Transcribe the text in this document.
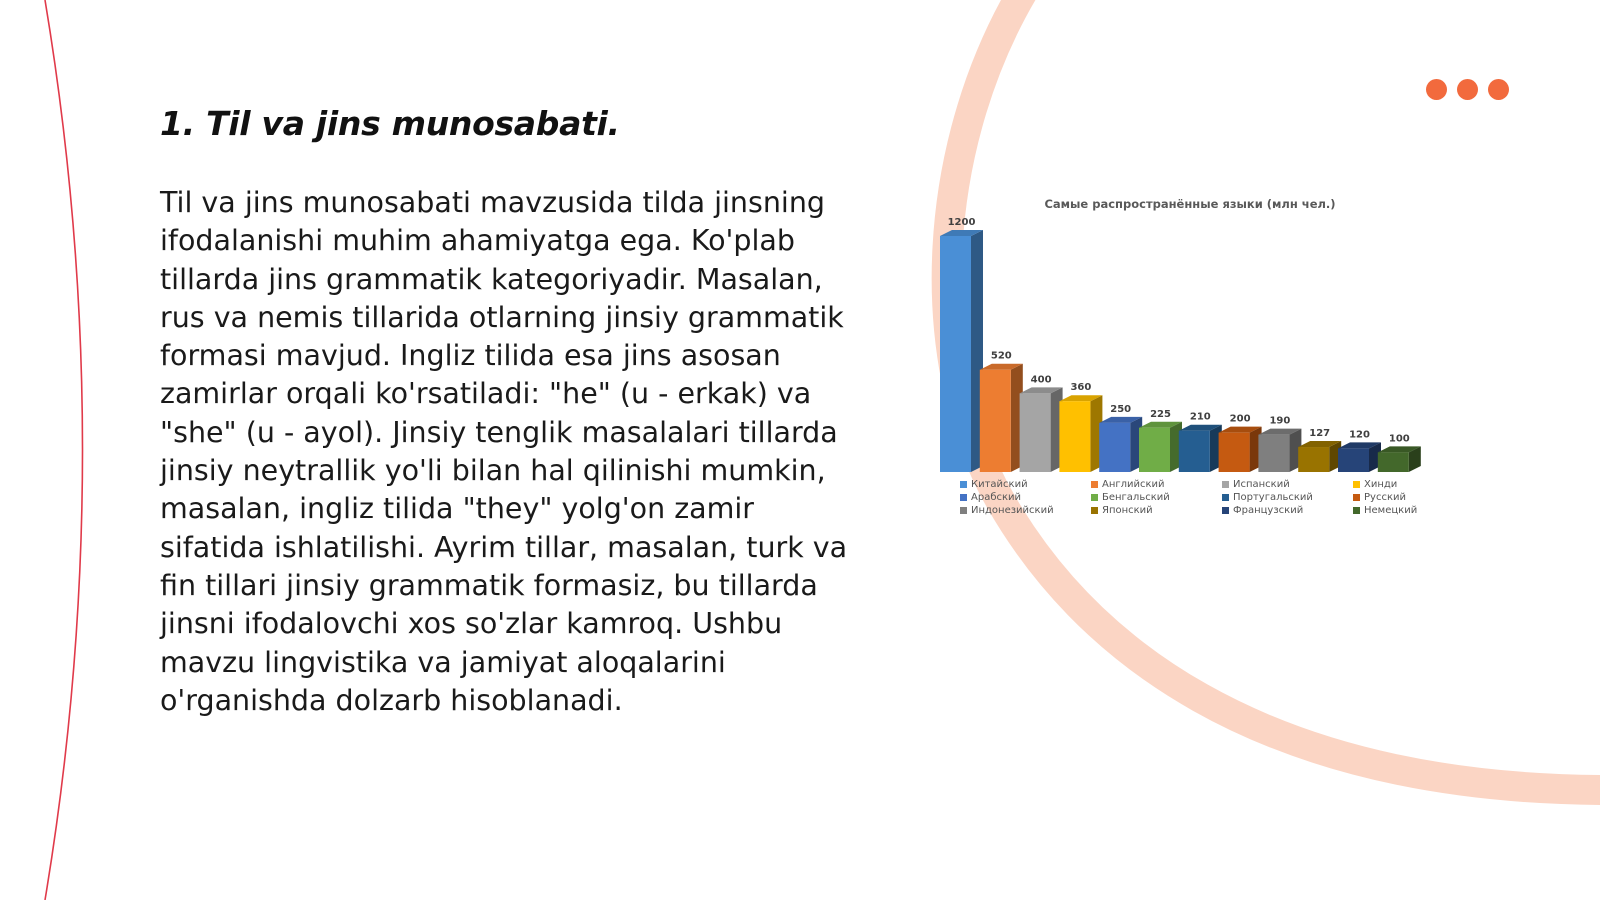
1. Til va jins munosabati.

Til va jins munosabati mavzusida tilda jinsning ifodalanishi muhim ahamiyatga ega. Ko'plab tillarda jins grammatik kategoriyadir. Masalan, rus va nemis tillarida otlarning jinsiy grammatik formasi mavjud. Ingliz tilida esa jins asosan zamirlar orqali ko'rsatiladi: "he" (u - erkak) va "she" (u - ayol). Jinsiy tenglik masalalari tillarda jinsiy neytrallik yo'li bilan hal qilinishi mumkin, masalan, ingliz tilida "they" yolg'on zamir sifatida ishlatilishi. Ayrim tillar, masalan, turk va fin tillari jinsiy grammatik formasiz, bu tillarda jinsni ifodalovchi xos so'zlar kamroq. Ushbu mavzu lingvistika va jamiyat aloqalarini o'rganishda dolzarb hisoblanadi.

Самые распространённые языки (млн чел.)
1200
520
400
360
250 225 210 200 190
127 120 100
Китайский	Английский	Испанский	Хинди
Арабский	Бенгальский	Португальский	Русский
Индонезийский	Японский	Французский	Немецкий
